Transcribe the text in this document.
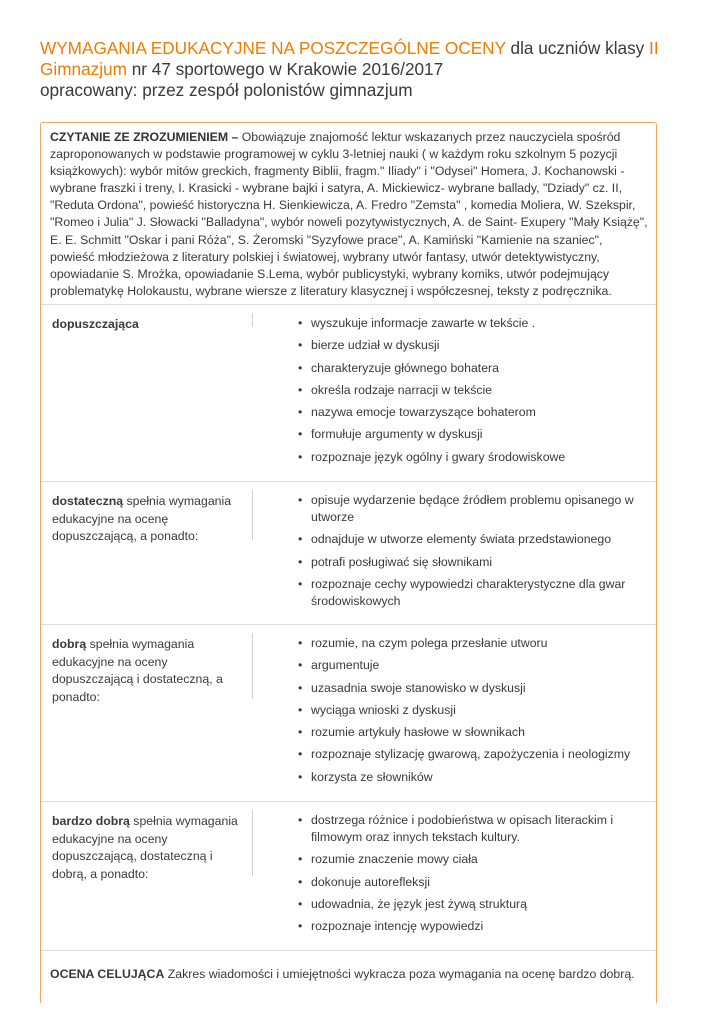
WYMAGANIA EDUKACYJNE NA POSZCZEGÓLNE OCENY dla uczniów klasy II Gimnazjum nr 47 sportowego w Krakowie 2016/2017
opracowany: przez zespół polonistów gimnazjum
CZYTANIE ZE ZROZUMIENIEM – Obowiązuje znajomość lektur wskazanych przez nauczyciela spośród zaproponowanych w podstawie programowej w cyklu 3-letniej nauki ( w każdym roku szkolnym 5 pozycji książkowych): wybór mitów greckich, fragmenty Biblii, fragm." Iliady" i "Odysei" Homera, J. Kochanowski - wybrane fraszki i treny, I. Krasicki - wybrane bajki i satyra, A. Mickiewicz- wybrane ballady, "Dziady" cz. II, "Reduta Ordona", powieść historyczna H. Sienkiewicza, A. Fredro "Zemsta" , komedia Moliera, W. Szekspir, "Romeo i Julia" J. Słowacki "Balladyna", wybór noweli pozytywistycznych, A. de Saint- Exupery "Mały Książę", E. E. Schmitt "Oskar i pani Róża", S. Żeromski "Syzyfowe prace", A. Kamiński "Kamienie na szaniec", powieść młodzieżowa z literatury polskiej i światowej, wybrany utwór fantasy, utwór detektywistyczny, opowiadanie S. Mrożka, opowiadanie S.Lema, wybór publicystyki, wybrany komiks, utwór podejmujący problematykę Holokaustu, wybrane wiersze z literatury klasycznej i współczesnej, teksty z podręcznika.
dopuszczająca	• wyszukuje informacje zawarte w tekście .
• bierze udział w dyskusji
• charakteryzuje głównego bohatera
• określa rodzaje narracji w tekście
• nazywa emocje towarzyszące bohaterom
• formułuje argumenty w dyskusji
• rozpoznaje język ogólny i gwary środowiskowe
dostateczną spełnia wymagania edukacyjne na ocenę dopuszczającą, a ponadto:
• opisuje wydarzenie będące źródłem problemu opisanego w utworze
• odnajduje w utworze elementy świata przedstawionego
• potrafi posługiwać się słownikami
• rozpoznaje cechy wypowiedzi charakterystyczne dla gwar środowiskowych
dobrą spełnia wymagania edukacyjne na oceny dopuszczającą i dostateczną, a ponadto:
• rozumie, na czym polega przesłanie utworu
• argumentuje
• uzasadnia swoje stanowisko w dyskusji
• wyciąga wnioski z dyskusji
• rozumie artykuły hasłowe w słownikach
• rozpoznaje stylizację gwarową, zapożyczenia i neologizmy
• korzysta ze słowników
bardzo dobrą spełnia wymagania edukacyjne na oceny dopuszczającą, dostateczną i dobrą, a ponadto:
• dostrzega różnice i podobieństwa w opisach literackim i filmowym oraz innych tekstach kultury.
• rozumie znaczenie mowy ciała
• dokonuje autorefleksji
• udowadnia, że język jest żywą strukturą
• rozpoznaje intencję wypowiedzi
OCENA CELUJĄCA Zakres wiadomości i umiejętności wykracza poza wymagania na ocenę bardzo dobrą.
